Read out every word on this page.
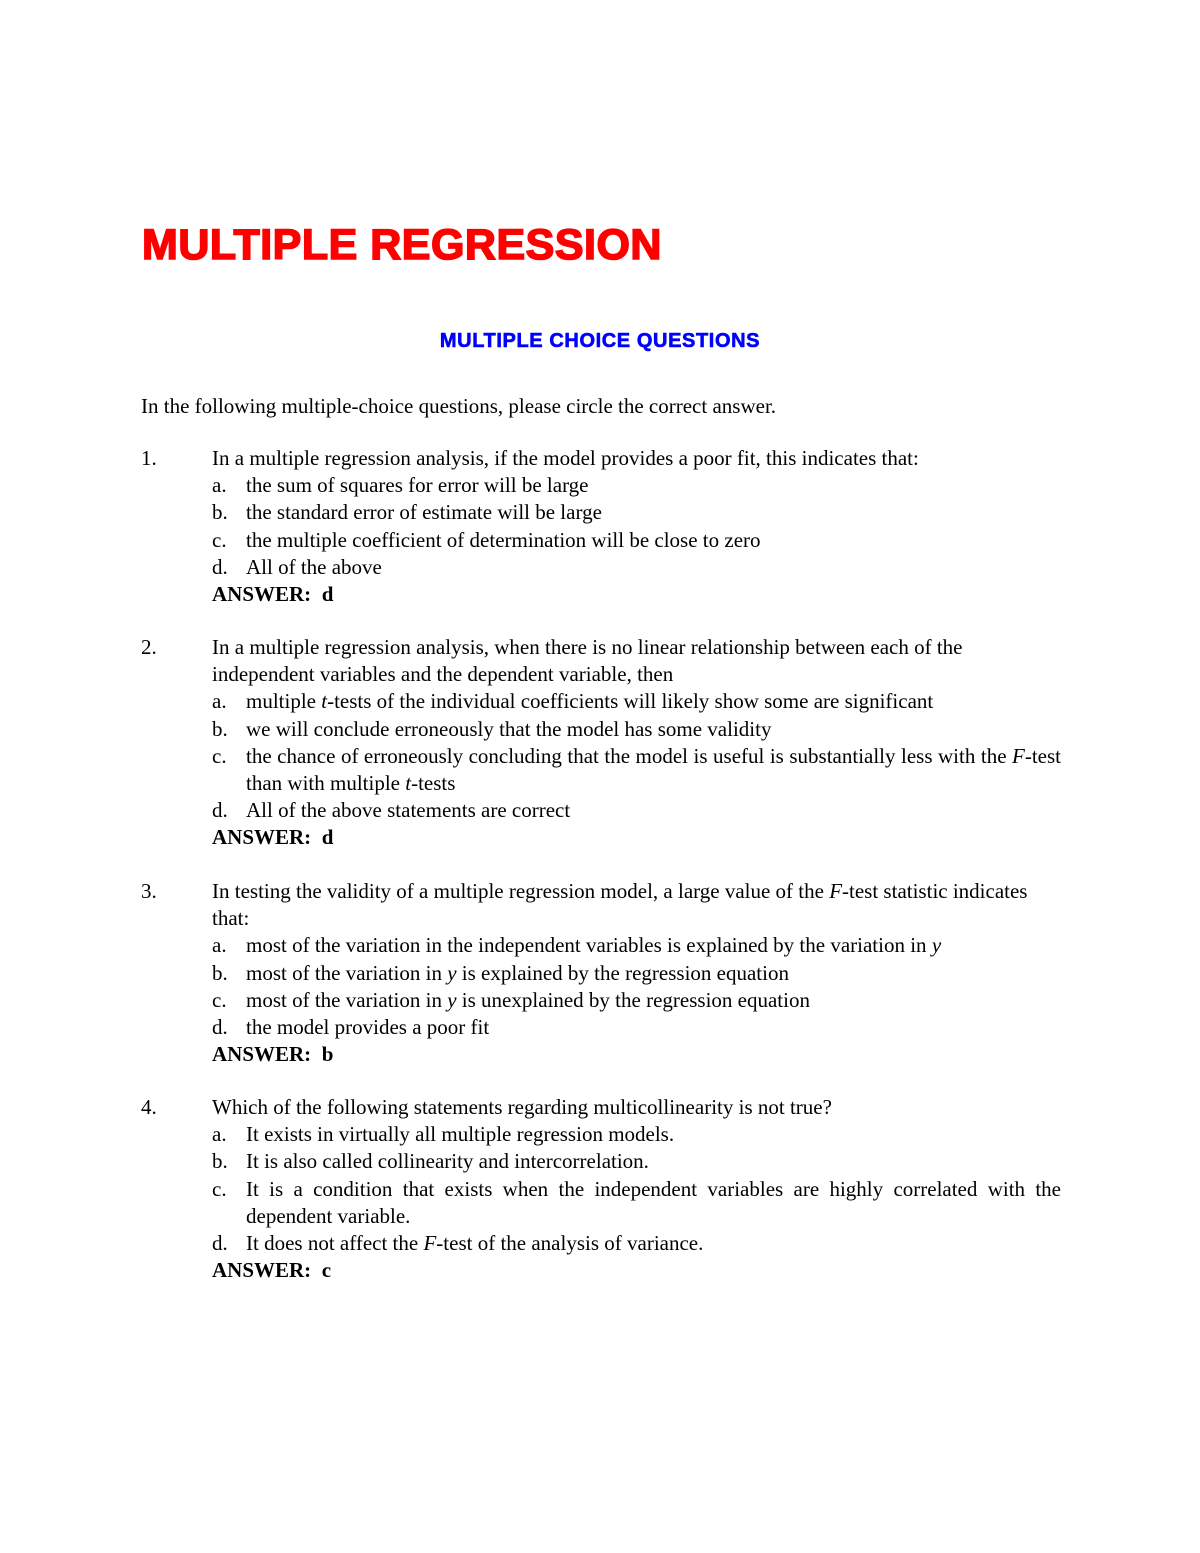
MULTIPLE REGRESSION
MULTIPLE CHOICE QUESTIONS

In the following multiple-choice questions, please circle the correct answer.

1.	In a multiple regression analysis, if the model provides a poor fit, this indicates that:
a. the sum of squares for error will be large
b. the standard error of estimate will be large
c. the multiple coefficient of determination will be close to zero
d. All of the above
ANSWER: d
2.	In a multiple regression analysis, when there is no linear relationship between each of the independent variables and the dependent variable, then
a. multiple t-tests of the individual coefficients will likely show some are significant
b. we will conclude erroneously that the model has some validity
c. the chance of erroneously concluding that the model is useful is substantially less with the F-test than with multiple t-tests
d. All of the above statements are correct
ANSWER: d
3.	In testing the validity of a multiple regression model, a large value of the F-test statistic indicates that:
a. most of the variation in the independent variables is explained by the variation in y
b. most of the variation in y is explained by the regression equation
c. most of the variation in y is unexplained by the regression equation
d. the model provides a poor fit
ANSWER: b
4.	Which of the following statements regarding multicollinearity is not true?
a. It exists in virtually all multiple regression models.
b. It is also called collinearity and intercorrelation.
c. It is a condition that exists when the independent variables are highly correlated with the dependent variable.
d. It does not affect the F-test of the analysis of variance.
ANSWER: c
